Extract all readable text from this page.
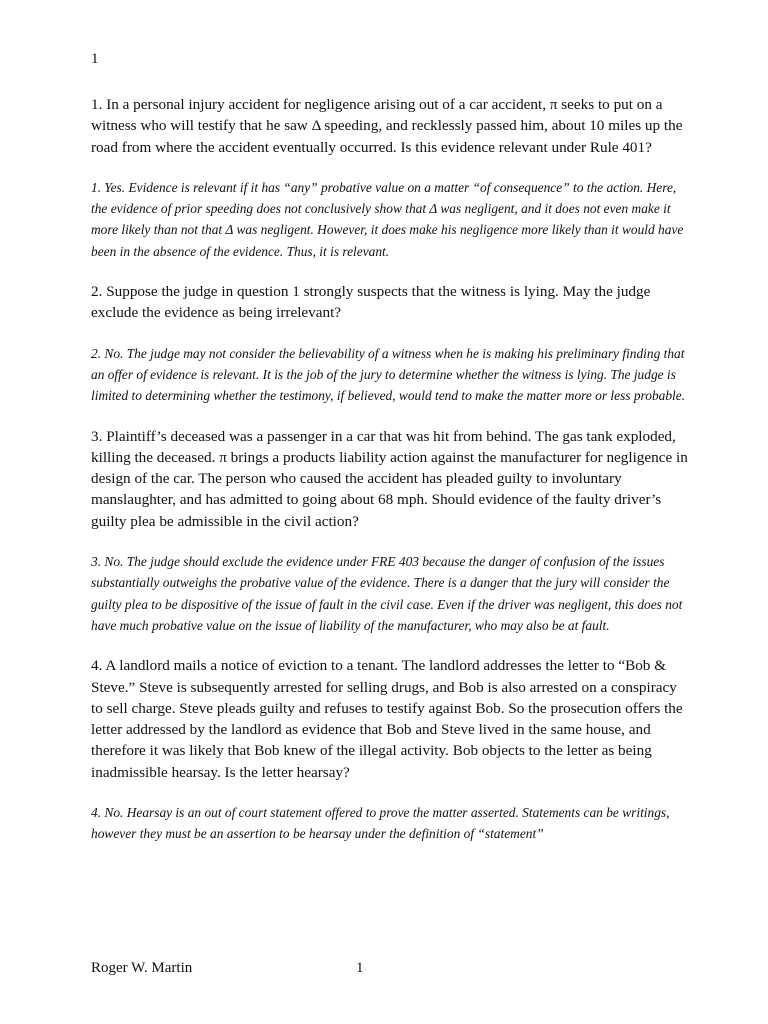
1

1. In a personal injury accident for negligence arising out of a car accident, π seeks to put on a witness who will testify that he saw Δ speeding, and recklessly passed him, about 10 miles up the road from where the accident eventually occurred. Is this evidence relevant under Rule 401?

1. Yes. Evidence is relevant if it has “any” probative value on a matter “of consequence” to the action. Here, the evidence of prior speeding does not conclusively show that Δ was negligent, and it does not even make it more likely than not that Δ was negligent. However, it does make his negligence more likely than it would have been in the absence of the evidence. Thus, it is relevant.

2. Suppose the judge in question 1 strongly suspects that the witness is lying. May the judge exclude the evidence as being irrelevant?

2. No. The judge may not consider the believability of a witness when he is making his preliminary finding that an offer of evidence is relevant. It is the job of the jury to determine whether the witness is lying. The judge is limited to determining whether the testimony, if believed, would tend to make the matter more or less probable.

3. Plaintiff’s deceased was a passenger in a car that was hit from behind. The gas tank exploded, killing the deceased. π brings a products liability action against the manufacturer for negligence in design of the car. The person who caused the accident has pleaded guilty to involuntary manslaughter, and has admitted to going about 68 mph. Should evidence of the faulty driver’s guilty plea be admissible in the civil action?

3. No. The judge should exclude the evidence under FRE 403 because the danger of confusion of the issues substantially outweighs the probative value of the evidence. There is a danger that the jury will consider the guilty plea to be dispositive of the issue of fault in the civil case. Even if the driver was negligent, this does not have much probative value on the issue of liability of the manufacturer, who may also be at fault.

4. A landlord mails a notice of eviction to a tenant. The landlord addresses the letter to “Bob & Steve.” Steve is subsequently arrested for selling drugs, and Bob is also arrested on a conspiracy to sell charge. Steve pleads guilty and refuses to testify against Bob. So the prosecution offers the letter addressed by the landlord as evidence that Bob and Steve lived in the same house, and therefore it was likely that Bob knew of the illegal activity. Bob objects to the letter as being inadmissible hearsay. Is the letter hearsay?

4. No. Hearsay is an out of court statement offered to prove the matter asserted. Statements can be writings, however they must be an assertion to be hearsay under the definition of “statement”

Roger W. Martin	1
